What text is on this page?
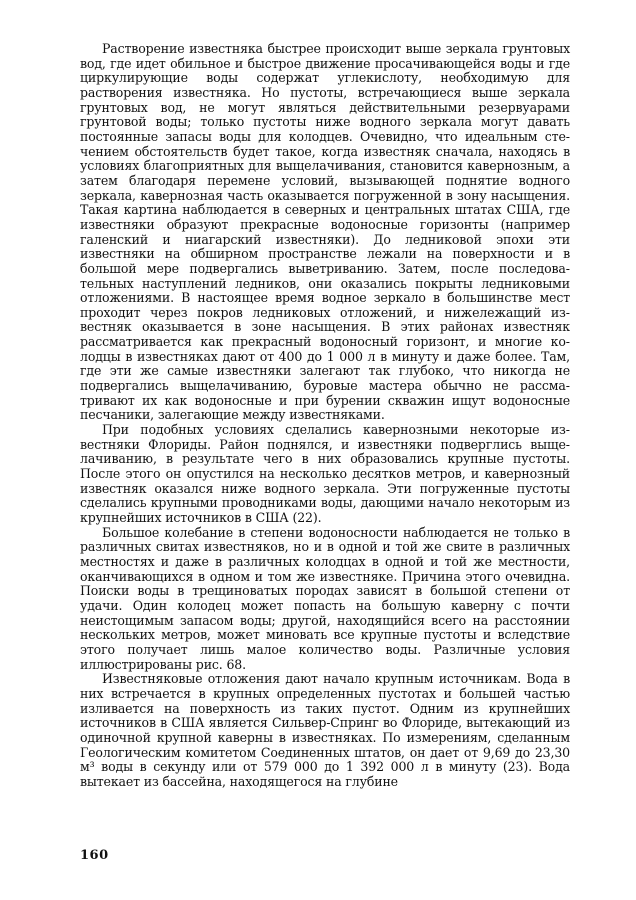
Растворение известняка быстрее происходит выше зеркала грунтовых вод, где идет обильное и быстрое движение просачивающейся воды и где циркулирующие воды содержат углекислоту, необходимую для растворения известняка. Но пустоты, встречающиеся выше зеркала грунтовых вод, не могут являться действительными резервуарами грунтовой воды; только пустоты ниже водного зеркала могут давать постоянные запасы воды для колодцев. Очевидно, что идеальным стечением обстоятельств будет такое, когда известняк сначала, находясь в условиях благоприятных для выщелачивания, становится кавернозным, а затем благодаря перемене условий, вызывающей поднятие водного зеркала, кавернозная часть оказывается погруженной в зону насыщения. Такая картина наблюдается в северных и центральных штатах США, где известняки образуют прекрасные водоносные горизонты (например галенский и ниагарский известняки). До ледниковой эпохи эти известняки на обширном пространстве лежали на поверхности и в большой мере подвергались выветриванию. Затем, после последовательных наступлений ледников, они оказались покрыты ледниковыми отложениями. В настоящее время водное зеркало в большинстве мест проходит через покров ледниковых отложений, и нижележащий известняк оказывается в зоне насыщения. В этих районах известняк рассматривается как прекрасный водоносный горизонт, и многие колодцы в известняках дают от 400 до 1 000 л в минуту и даже более. Там, где эти же самые известняки залегают так глубоко, что никогда не подвергались выщелачиванию, буровые мастера обычно не рассматривают их как водоносные и при бурении скважин ищут водоносные песчаники, залегающие между известняками.

При подобных условиях сделались кавернозными некоторые известняки Флориды. Район поднялся, и известняки подверглись выщелачиванию, в результате чего в них образовались крупные пустоты. После этого он опустился на несколько десятков метров, и кавернозный известняк оказался ниже водного зеркала. Эти погруженные пустоты сделались крупными проводниками воды, дающими начало некоторым из крупнейших источников в США (22).

Большое колебание в степени водоносности наблюдается не только в различных свитах известняков, но и в одной и той же свите в различных местностях и даже в различных колодцах в одной и той же местности, оканчивающихся в одном и том же известняке. Причина этого очевидна. Поиски воды в трещиноватых породах зависят в большой степени от удачи. Один колодец может попасть на большую каверну с почти неистощимым запасом воды; другой, находящийся всего на расстоянии нескольких метров, может миновать все крупные пустоты и вследствие этого получает лишь малое количество воды. Различные условия иллюстрированы рис. 68.

Известняковые отложения дают начало крупным источникам. Вода в них встречается в крупных определенных пустотах и большей частью изливается на поверхность из таких пустот. Одним из крупнейших источников в США является Сильвер-Спринг во Флориде, вытекающий из одиночной крупной каверны в известняках. По измерениям, сделанным Геологическим комитетом Соединенных штатов, он дает от 9,69 до 23,30 м³ воды в секунду или от 579 000 до 1 392 000 л в минуту (23). Вода вытекает из бассейна, находящегося на глубине

160
